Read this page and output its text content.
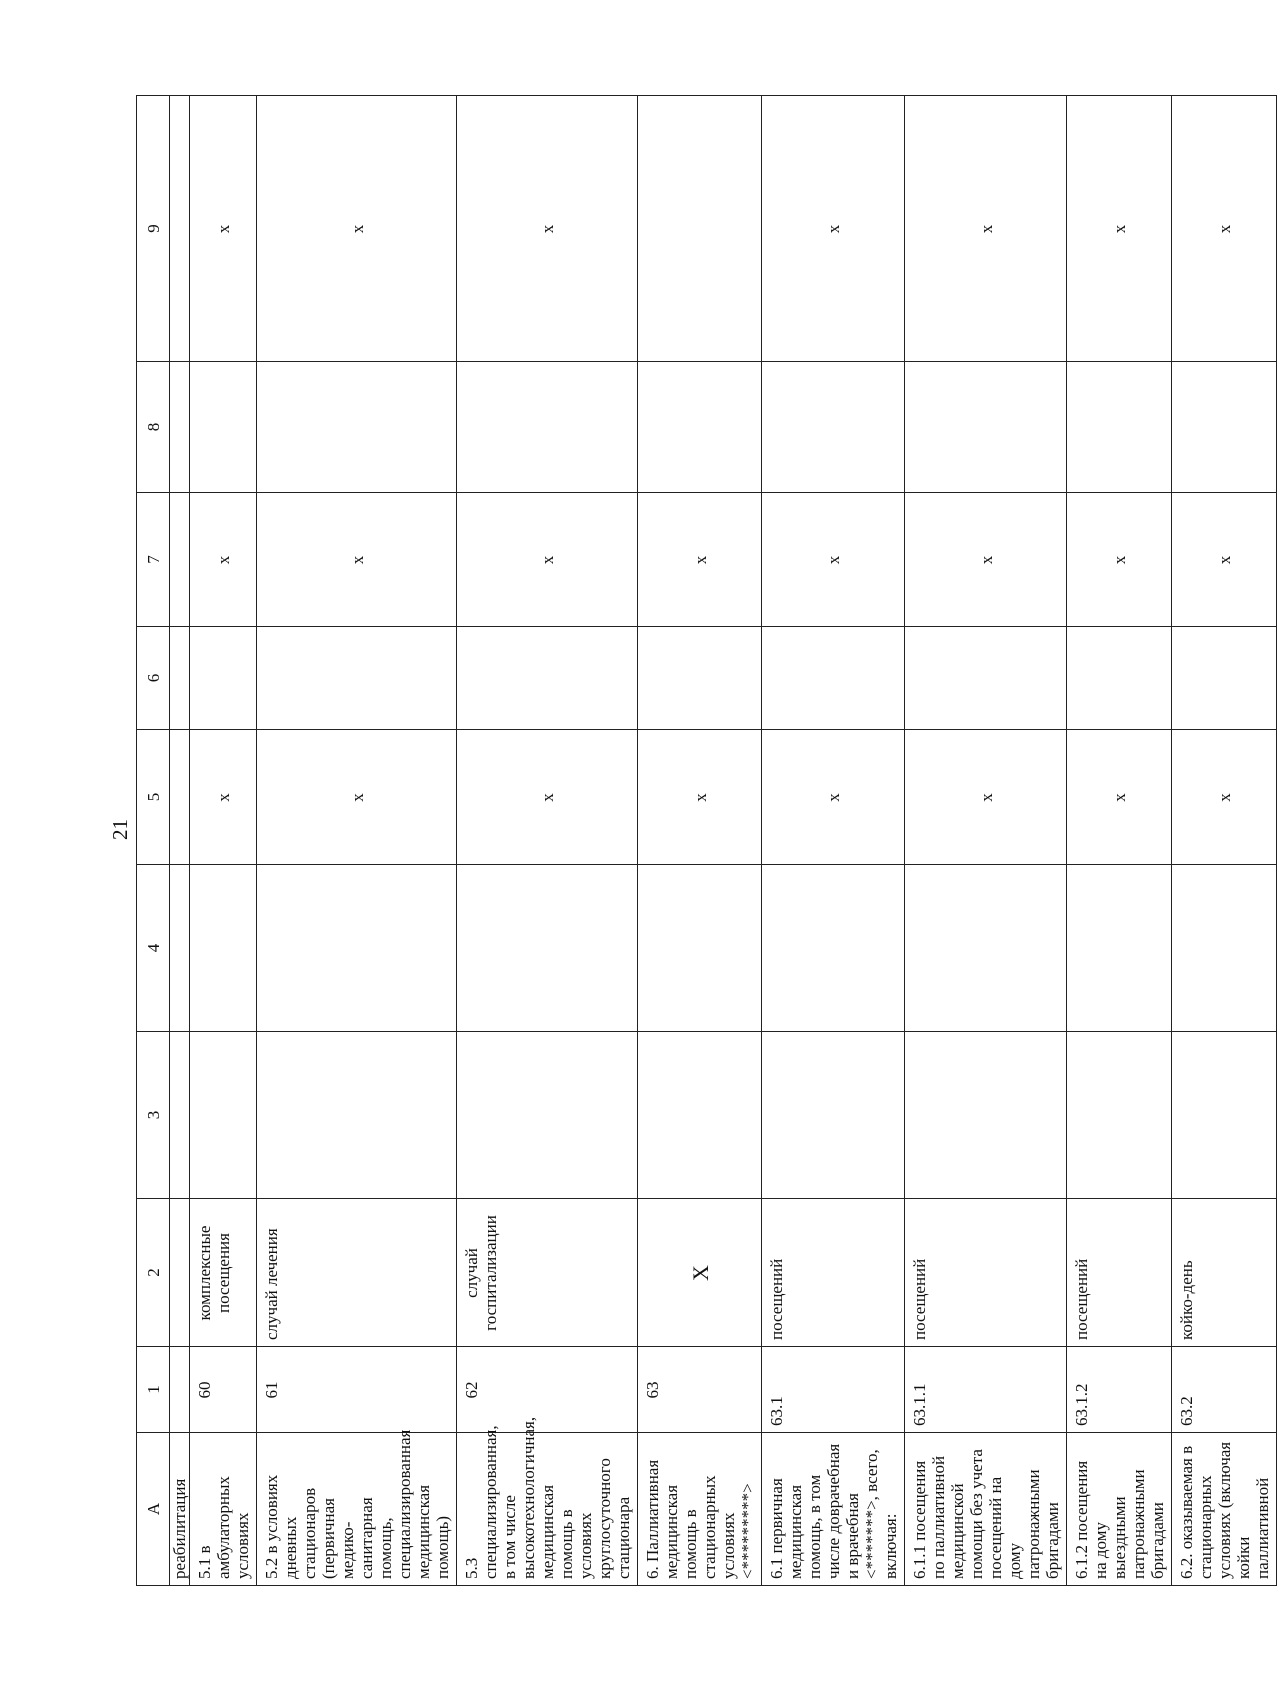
21
А	1	2	3	4	5	6	7	8	9
реабилитация									
5.1 в амбулаторных условиях	60	комплексные посещения			х		х		х
5.2 в условиях дневных стационаров (первичная медико-санитарная помощь, специализированная медицинская помощь)	61	случай лечения			х		х		х
5.3 специализированная, в том числе высокотехнологичная, медицинская помощь в условиях круглосуточного стационара	62	случай госпитализации			х		х		х
6. Паллиативная медицинская помощь в стационарных условиях <*********>	63	Х			х		х		
6.1 первичная медицинская помощь, в том числе доврачебная и врачебная <*******>, всего, включая:	63.1	посещений			х		х		х
6.1.1 посещения по паллиативной медицинской помощи без учета посещений на дому патронажными бригадами	63.1.1	посещений			х		х		х
6.1.2 посещения на дому выездными патронажными бригадами	63.1.2	посещений			х		х		х
6.2. оказываемая в стационарных условиях (включая койки паллиативной	63.2	койко-день			х		х		х
